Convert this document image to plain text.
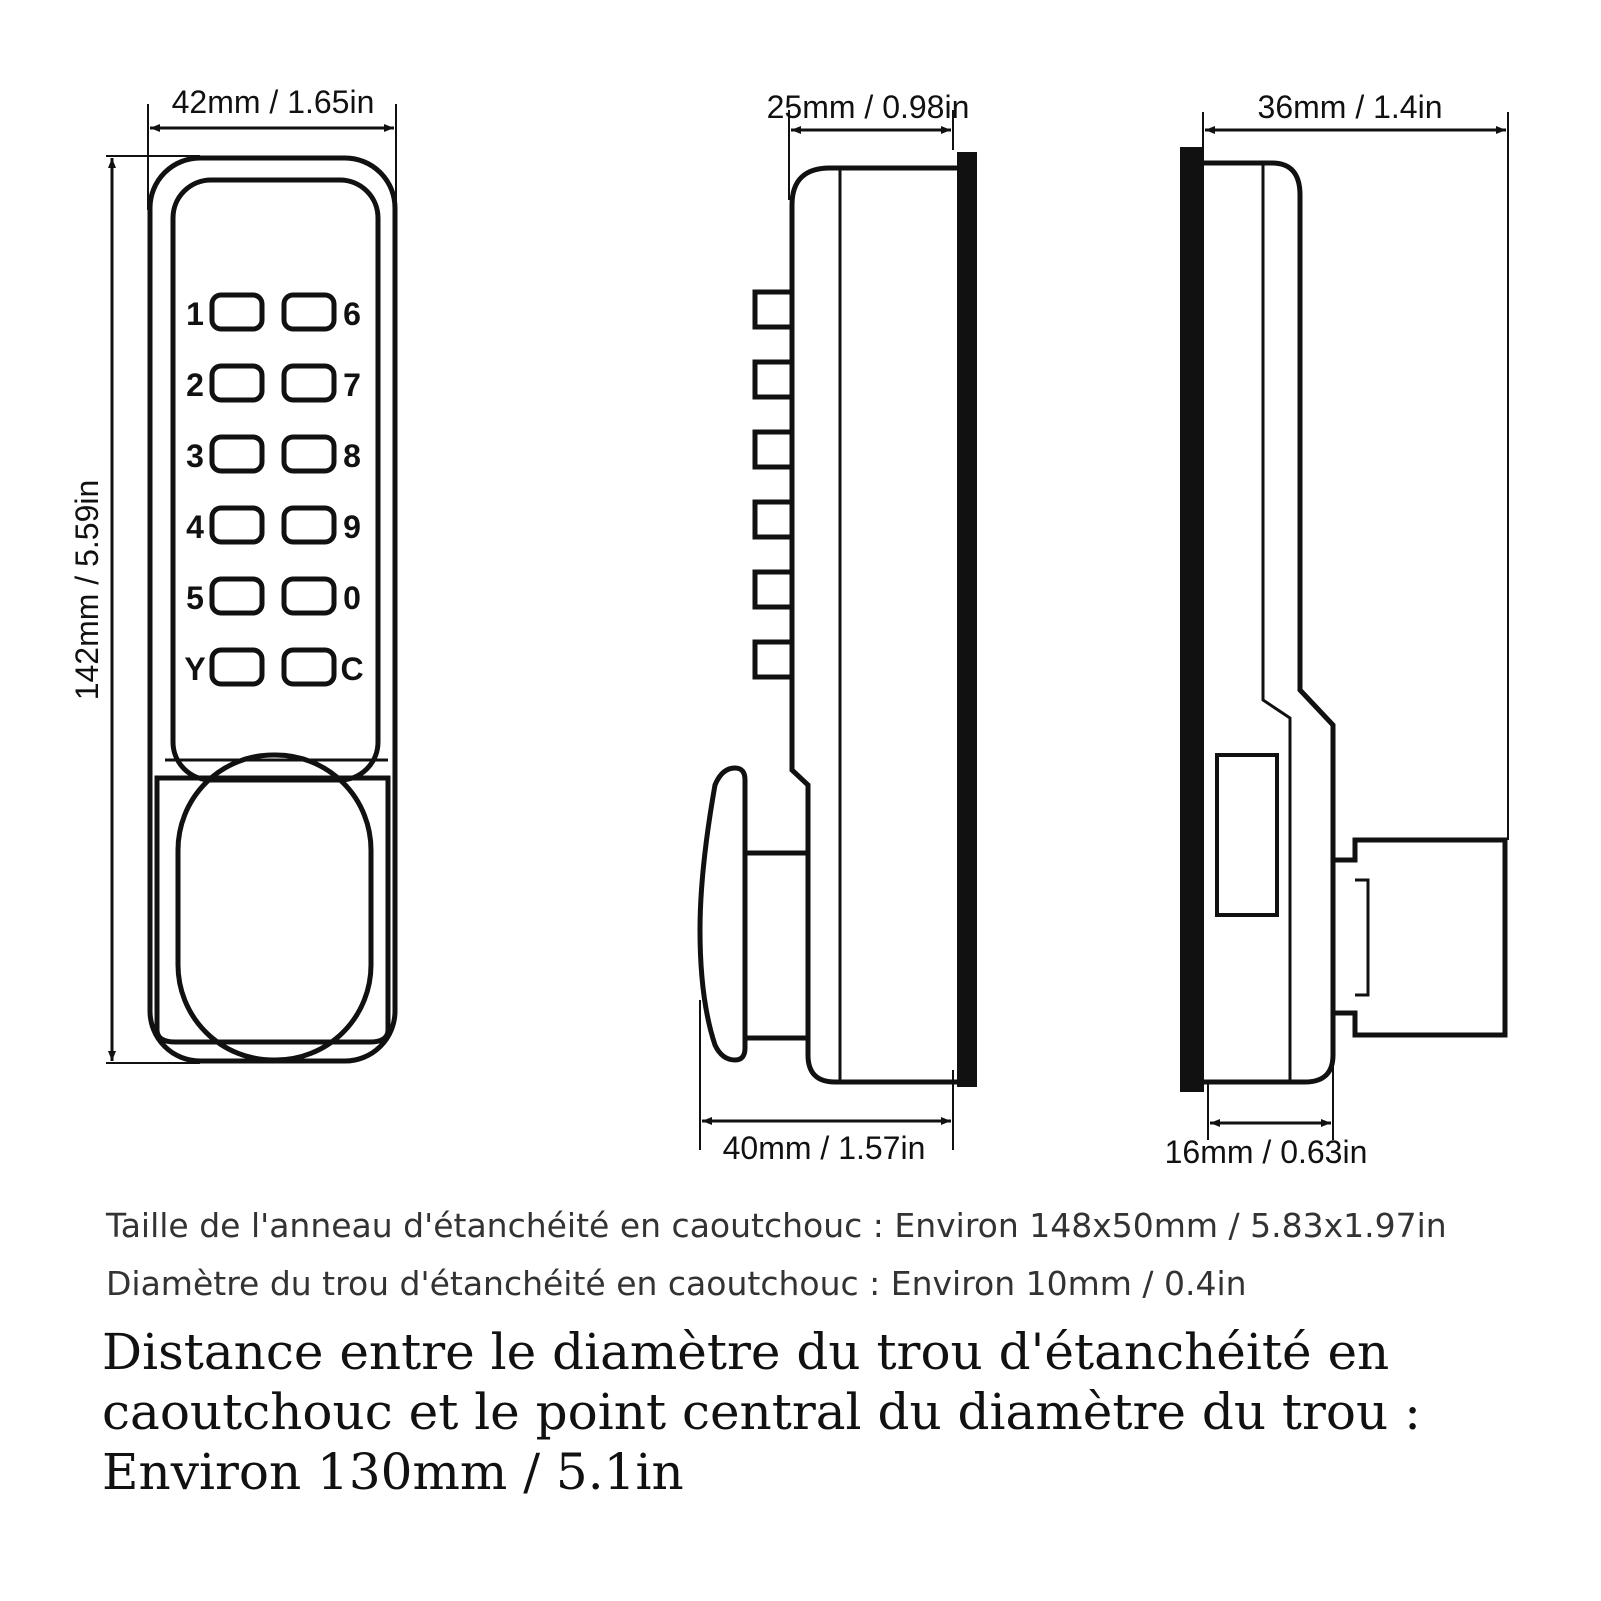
42mm / 1.65in
142mm / 5.59in
1
2
3
4
5
Y
6
7
8
9
0
C
25mm / 0.98in
40mm / 1.57in
36mm / 1.4in
16mm / 0.63in

Taille de l'anneau d'étanchéité en caoutchouc : Environ 148x50mm / 5.83x1.97in

Diamètre du trou d'étanchéité en caoutchouc : Environ 10mm / 0.4in

Distance entre le diamètre du trou d'étanchéité en caoutchouc et le point central du diamètre du trou : Environ 130mm / 5.1in
